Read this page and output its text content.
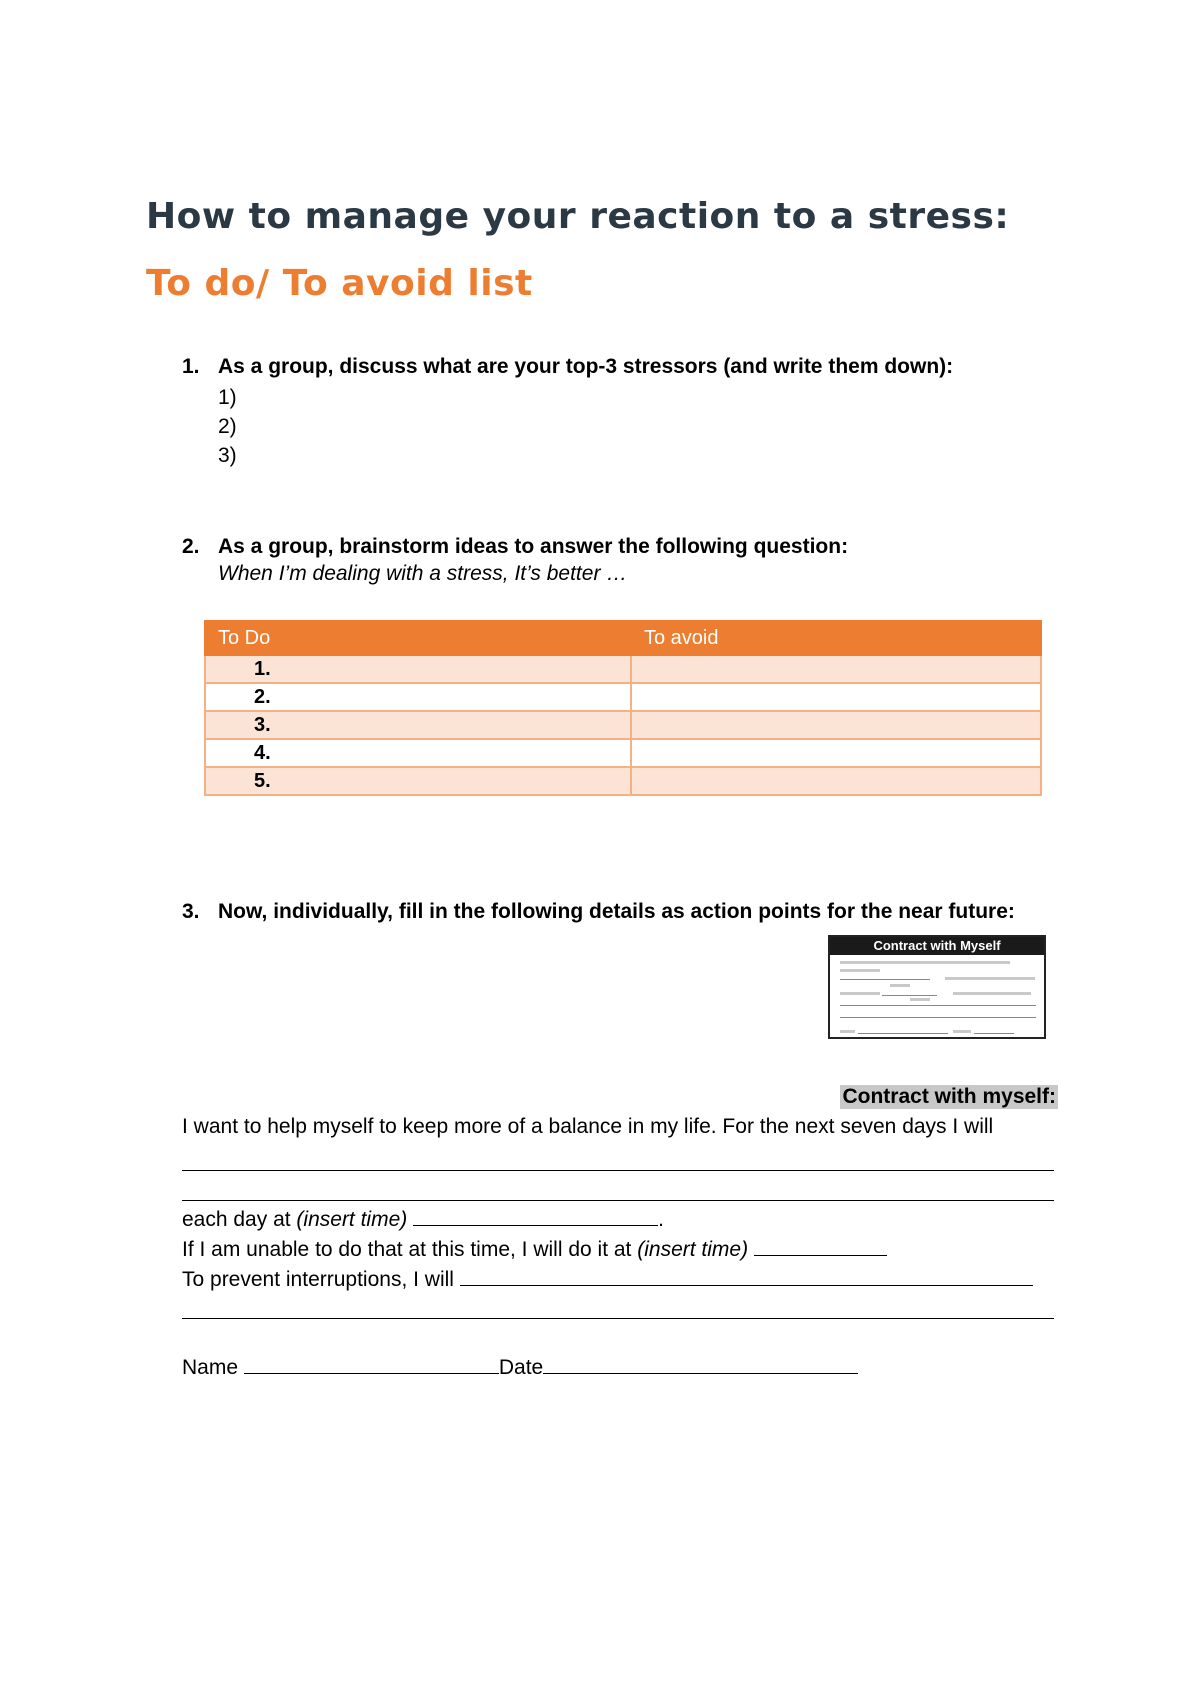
How to manage your reaction to a stress:
To do/ To avoid list
1. As a group, discuss what are your top-3 stressors (and write them down):
1)
2)
3)
2. As a group, brainstorm ideas to answer the following question:
When I’m dealing with a stress, It’s better …
To Do	To avoid
1.	
2.	
3.	
4.	
5.	
3. Now, individually, fill in the following details as action points for the near future:
Contract with Myself
Contract with myself:
I want to help myself to keep more of a balance in my life. For the next seven days I will
each day at (insert time)	.
If I am unable to do that at this time, I will do it at (insert time)
To prevent interruptions, I will
Name	Date
